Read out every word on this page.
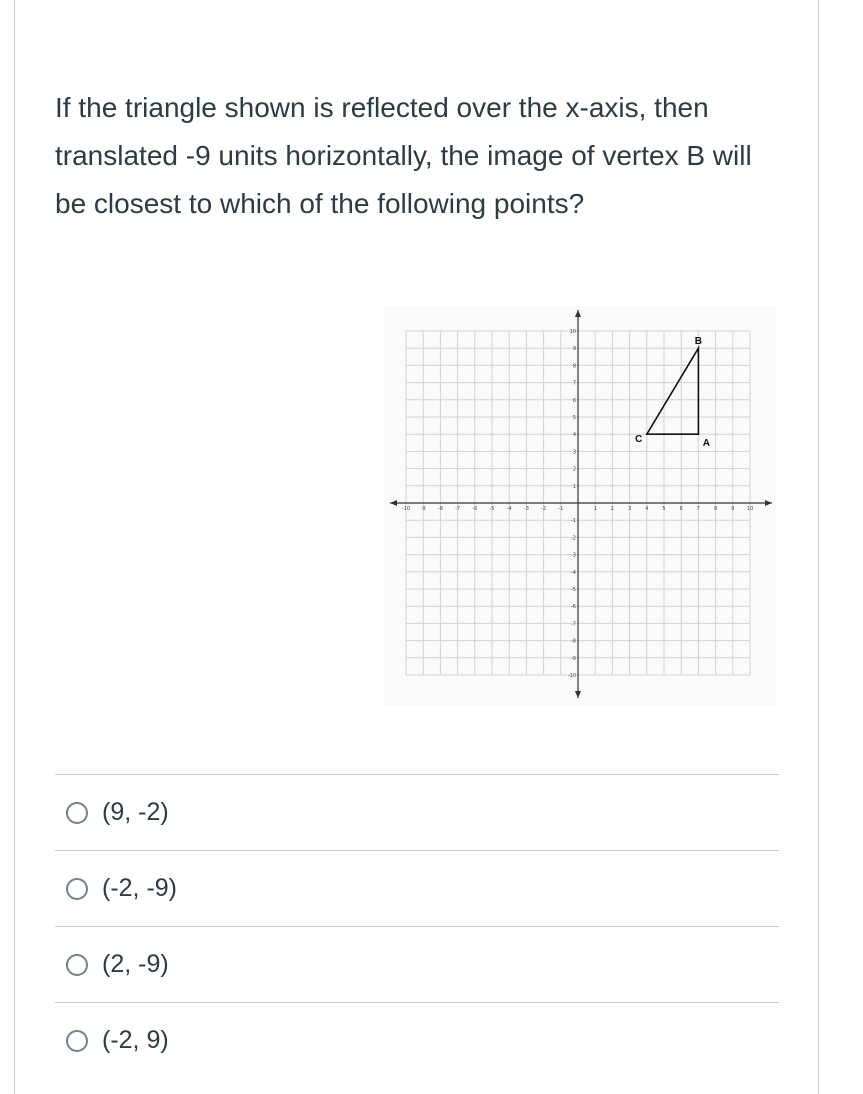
If the triangle shown is reflected over the x-axis, then translated -9 units horizontally, the image of vertex B will be closest to which of the following points?

-10 -9 -8 -7 -6 -5 -4 -3 -2 -1	1	2	3	4	5	6	7	8	9 10
10
9
8
7
6
5
4
3
2
1
-1
-2
-3
-4
-5
-6
-7
-8
-9
-10
B
A
C
(9, -2)
(-2, -9)
(2, -9)
(-2, 9)
